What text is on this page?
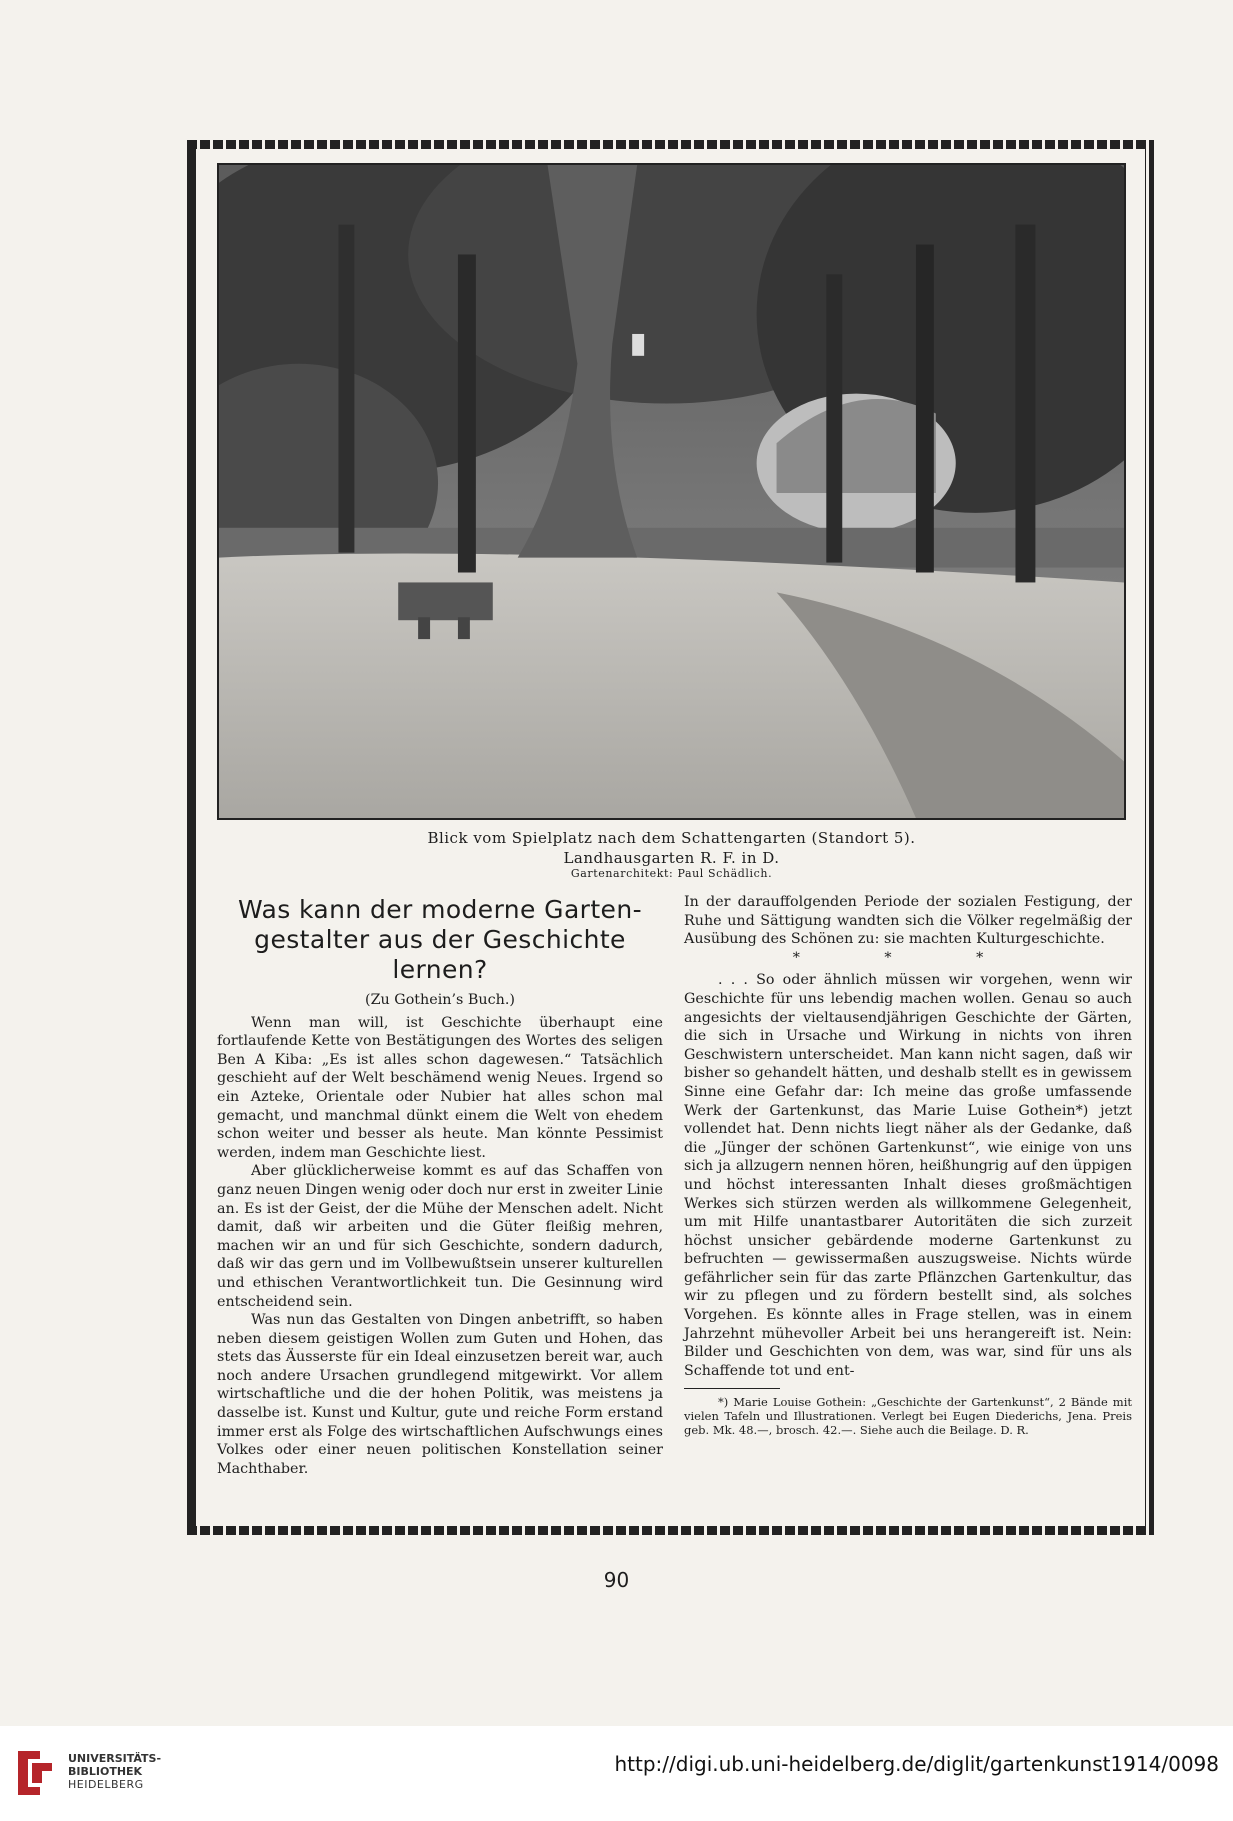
Blick vom Spielplatz nach dem Schattengarten (Standort 5).
Landhausgarten R. F. in D.
Gartenarchitekt: Paul Schädlich.
Was kann der moderne Garten-
gestalter aus der Geschichte lernen?
(Zu Gothein’s Buch.)

Wenn man will, ist Geschichte überhaupt eine fortlaufende Kette von Bestätigungen des Wortes des seligen Ben A Kiba: „Es ist alles schon dagewesen.“ Tatsächlich geschieht auf der Welt beschämend wenig Neues. Irgend so ein Azteke, Orientale oder Nubier hat alles schon mal gemacht, und manchmal dünkt einem die Welt von ehedem schon weiter und besser als heute. Man könnte Pessimist werden, indem man Geschichte liest.

Aber glücklicherweise kommt es auf das Schaffen von ganz neuen Dingen wenig oder doch nur erst in zweiter Linie an. Es ist der Geist, der die Mühe der Menschen adelt. Nicht damit, daß wir arbeiten und die Güter fleißig mehren, machen wir an und für sich Geschichte, sondern dadurch, daß wir das gern und im Vollbewußtsein unserer kulturellen und ethischen Verantwortlichkeit tun. Die Gesinnung wird entscheidend sein.

Was nun das Gestalten von Dingen anbetrifft, so haben neben diesem geistigen Wollen zum Guten und Hohen, das stets das Äusserste für ein Ideal einzusetzen bereit war, auch noch andere Ursachen grundlegend mitgewirkt. Vor allem wirtschaftliche und die der hohen Politik, was meistens ja dasselbe ist. Kunst und Kultur, gute und reiche Form erstand immer erst als Folge des wirtschaftlichen Aufschwungs eines Volkes oder einer neuen politischen Konstellation seiner Machthaber.

In der darauffolgenden Periode der sozialen Festigung, der Ruhe und Sättigung wandten sich die Völker regelmäßig der Ausübung des Schönen zu: sie machten Kulturgeschichte.

* * *

. . . So oder ähnlich müssen wir vorgehen, wenn wir Geschichte für uns lebendig machen wollen. Genau so auch angesichts der vieltausendjährigen Geschichte der Gärten, die sich in Ursache und Wirkung in nichts von ihren Geschwistern unterscheidet. Man kann nicht sagen, daß wir bisher so gehandelt hätten, und deshalb stellt es in gewissem Sinne eine Gefahr dar: Ich meine das große umfassende Werk der Gartenkunst, das Marie Luise Gothein*) jetzt vollendet hat. Denn nichts liegt näher als der Gedanke, daß die „Jünger der schönen Gartenkunst“, wie einige von uns sich ja allzugern nennen hören, heißhungrig auf den üppigen und höchst interessanten Inhalt dieses großmächtigen Werkes sich stürzen werden als willkommene Gelegenheit, um mit Hilfe unantastbarer Autoritäten die sich zurzeit höchst unsicher gebärdende moderne Gartenkunst zu befruchten — gewissermaßen auszugsweise. Nichts würde gefährlicher sein für das zarte Pflänzchen Gartenkultur, das wir zu pflegen und zu fördern bestellt sind, als solches Vorgehen. Es könnte alles in Frage stellen, was in einem Jahrzehnt mühevoller Arbeit bei uns herangereift ist. Nein: Bilder und Geschichten von dem, was war, sind für uns als Schaffende tot und ent-

*) Marie Louise Gothein: „Geschichte der Gartenkunst“, 2 Bände mit vielen Tafeln und Illustrationen. Verlegt bei Eugen Diederichs, Jena. Preis geb. Mk. 48.—, brosch. 42.—. Siehe auch die Beilage. D. R.
90
UNIVERSITÄTS-
BIBLIOTHEK
HEIDELBERG
http://digi.ub.uni-heidelberg.de/diglit/gartenkunst1914/0098
